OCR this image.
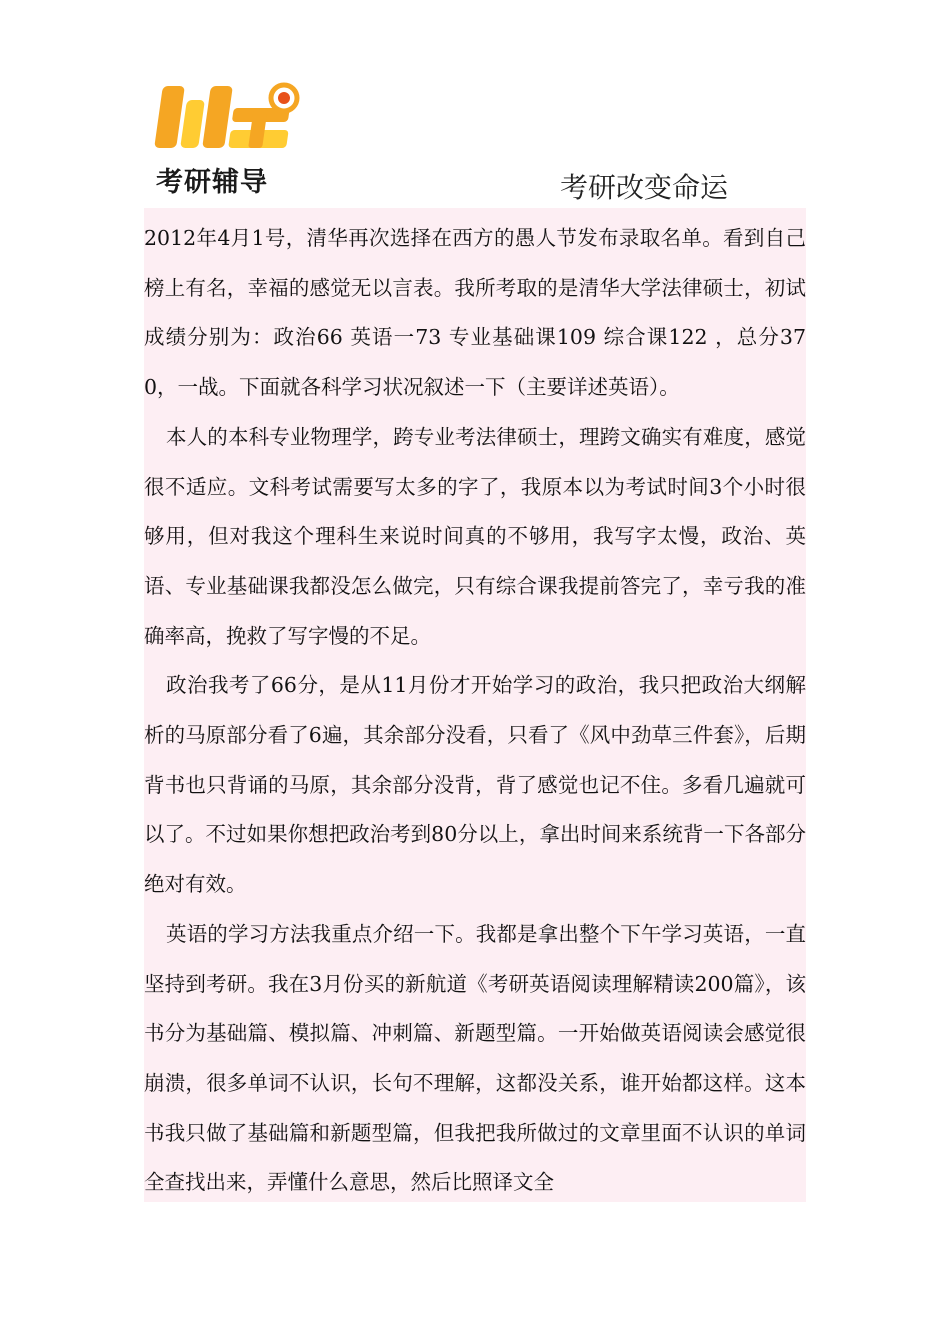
考研辅导	考研改变命运

2012年4月1号，清华再次选择在西方的愚人节发布录取名单。看到自己榜上有名，幸福的感觉无以言表。我所考取的是清华大学法律硕士，初试成绩分别为：政治66 英语一73 专业基础课109 综合课122 ，总分370，一战。下面就各科学习状况叙述一下（主要详述英语）。

本人的本科专业物理学，跨专业考法律硕士，理跨文确实有难度，感觉很不适应。文科考试需要写太多的字了，我原本以为考试时间3个小时很够用，但对我这个理科生来说时间真的不够用，我写字太慢，政治、英语、专业基础课我都没怎么做完，只有综合课我提前答完了，幸亏我的准确率高，挽救了写字慢的不足。

政治我考了66分，是从11月份才开始学习的政治，我只把政治大纲解析的马原部分看了6遍，其余部分没看，只看了《风中劲草三件套》，后期背书也只背诵的马原，其余部分没背，背了感觉也记不住。多看几遍就可以了。不过如果你想把政治考到80分以上，拿出时间来系统背一下各部分绝对有效。

英语的学习方法我重点介绍一下。我都是拿出整个下午学习英语，一直坚持到考研。我在3月份买的新航道《考研英语阅读理解精读200篇》，该书分为基础篇、模拟篇、冲刺篇、新题型篇。一开始做英语阅读会感觉很崩溃，很多单词不认识，长句不理解，这都没关系，谁开始都这样。这本书我只做了基础篇和新题型篇，但我把我所做过的文章里面不认识的单词全查找出来，弄懂什么意思，然后比照译文全
